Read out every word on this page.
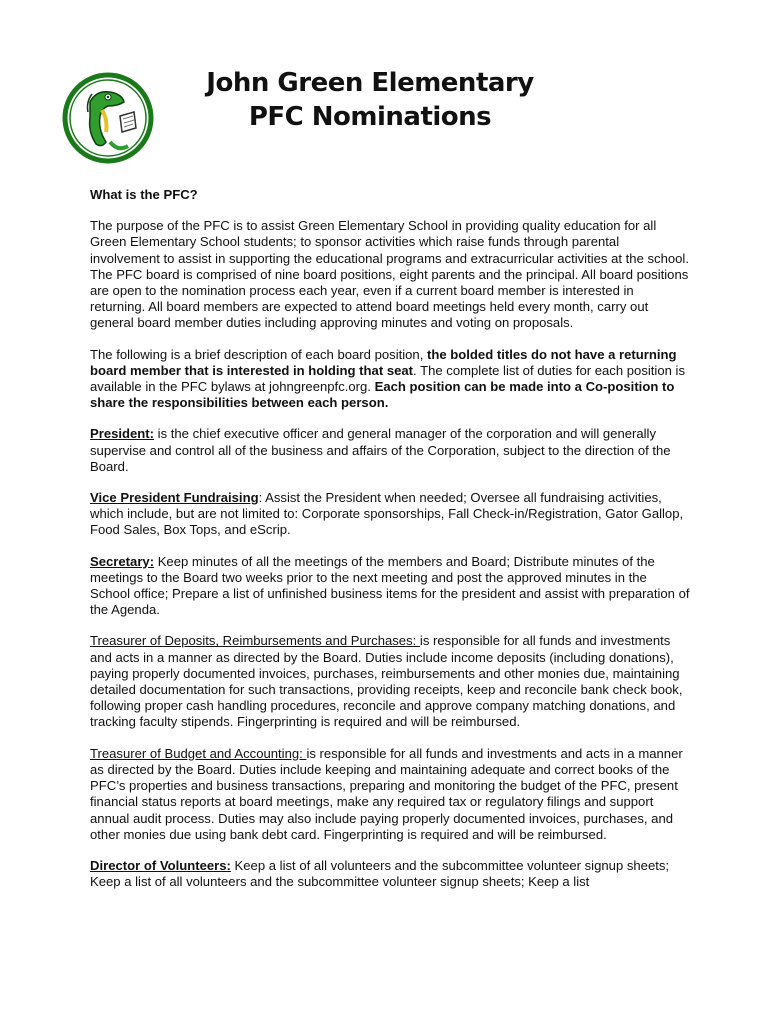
John Green Elementary
PFC Nominations

What is the PFC?

The purpose of the PFC is to assist Green Elementary School in providing quality education for all Green Elementary School students; to sponsor activities which raise funds through parental involvement to assist in supporting the educational programs and extracurricular activities at the school. The PFC board is comprised of nine board positions, eight parents and the principal. All board positions are open to the nomination process each year, even if a current board member is interested in returning. All board members are expected to attend board meetings held every month, carry out general board member duties including approving minutes and voting on proposals.

The following is a brief description of each board position, the bolded titles do not have a returning board member that is interested in holding that seat. The complete list of duties for each position is available in the PFC bylaws at johngreenpfc.org. Each position can be made into a Co-position to share the responsibilities between each person.

President: is the chief executive officer and general manager of the corporation and will generally supervise and control all of the business and affairs of the Corporation, subject to the direction of the Board.

Vice President Fundraising: Assist the President when needed; Oversee all fundraising activities, which include, but are not limited to: Corporate sponsorships, Fall Check-in/Registration, Gator Gallop, Food Sales, Box Tops, and eScrip.

Secretary: Keep minutes of all the meetings of the members and Board; Distribute minutes of the meetings to the Board two weeks prior to the next meeting and post the approved minutes in the School office; Prepare a list of unfinished business items for the president and assist with preparation of the Agenda.

Treasurer of Deposits, Reimbursements and Purchases: is responsible for all funds and investments and acts in a manner as directed by the Board. Duties include income deposits (including donations), paying properly documented invoices, purchases, reimbursements and other monies due, maintaining detailed documentation for such transactions, providing receipts, keep and reconcile bank check book, following proper cash handling procedures, reconcile and approve company matching donations, and tracking faculty stipends. Fingerprinting is required and will be reimbursed.

Treasurer of Budget and Accounting: is responsible for all funds and investments and acts in a manner as directed by the Board. Duties include keeping and maintaining adequate and correct books of the PFC’s properties and business transactions, preparing and monitoring the budget of the PFC, present financial status reports at board meetings, make any required tax or regulatory filings and support annual audit process. Duties may also include paying properly documented invoices, purchases, and other monies due using bank debt card. Fingerprinting is required and will be reimbursed.

Director of Volunteers: Keep a list of all volunteers and the subcommittee volunteer signup sheets; Keep a list of all volunteers and the subcommittee volunteer signup sheets; Keep a list
